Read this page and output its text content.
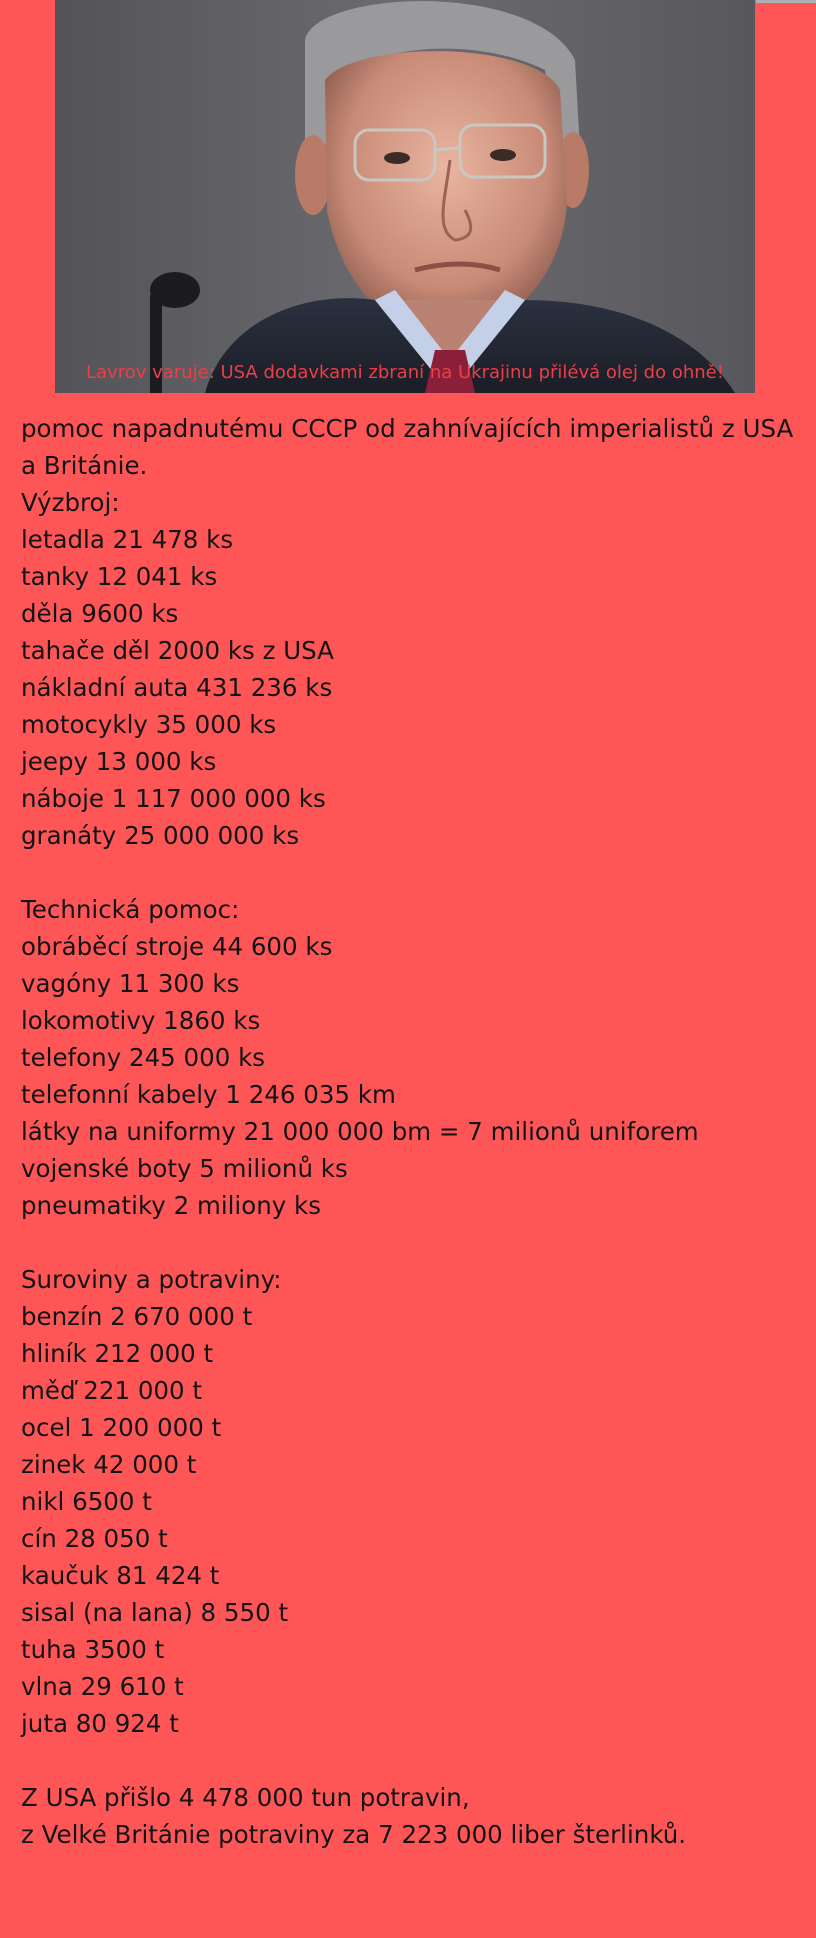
Lavrov varuje: USA dodavkami zbraní na Ukrajinu přilévá olej do ohně!
pomoc napadnutému CCCP od zahnívajících imperialistů z USA
a Británie.
Výzbroj:
letadla 21 478 ks
tanky 12 041 ks
děla 9600 ks
tahače děl 2000 ks z USA
nákladní auta 431 236 ks
motocykly 35 000 ks
jeepy 13 000 ks
náboje 1 117 000 000 ks
granáty 25 000 000 ks
Technická pomoc:
obráběcí stroje 44 600 ks
vagóny 11 300 ks
lokomotivy 1860 ks
telefony 245 000 ks
telefonní kabely 1 246 035 km
látky na uniformy 21 000 000 bm = 7 milionů uniforem
vojenské boty 5 milionů ks
pneumatiky 2 miliony ks
Suroviny a potraviny:
benzín 2 670 000 t
hliník 212 000 t
měď 221 000 t
ocel 1 200 000 t
zinek 42 000 t
nikl 6500 t
cín 28 050 t
kaučuk 81 424 t
sisal (na lana) 8 550 t
tuha 3500 t
vlna 29 610 t
juta 80 924 t
Z USA přišlo 4 478 000 tun potravin,
z Velké Británie potraviny za 7 223 000 liber šterlinků.
